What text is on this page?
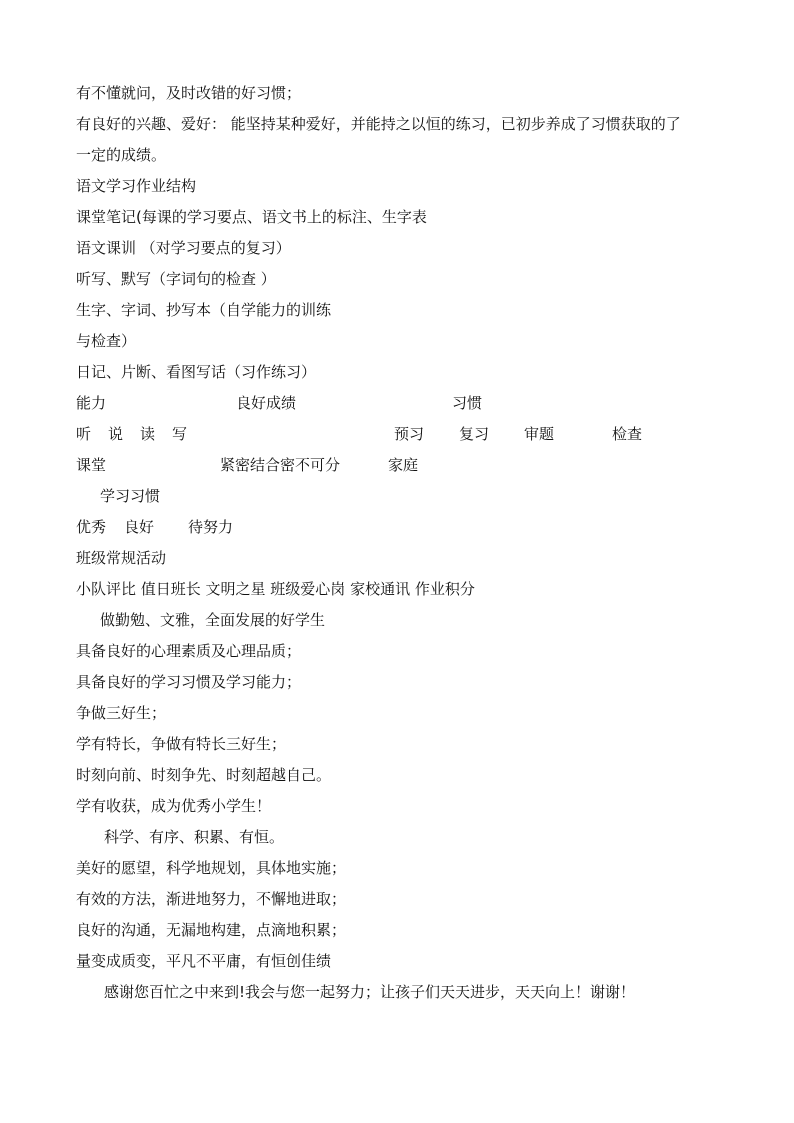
有不懂就问，及时改错的好习惯；
有良好的兴趣、爱好： 能坚持某种爱好，并能持之以恒的练习，已初步养成了习惯获取的了
一定的成绩。
语文学习作业结构
课堂笔记(每课的学习要点、语文书上的标注、生字表
语文课训 （对学习要点的复习）
听写、默写（字词句的检查 ）
生字、字词、抄写本（自学能力的训练
与检查）
日记、片断、看图写话（习作练习）
能力	良好成绩	习惯
听 说 读 写	预习 复习 审题	检查
课堂	紧密结合密不可分	家庭
学习习惯
优秀 良好 待努力
班级常规活动
小队评比 值日班长 文明之星 班级爱心岗 家校通讯 作业积分
做勤勉、文雅，全面发展的好学生
具备良好的心理素质及心理品质；
具备良好的学习习惯及学习能力；
争做三好生；
学有特长，争做有特长三好生；
时刻向前、时刻争先、时刻超越自己。
学有收获，成为优秀小学生！
科学、有序、积累、有恒。
美好的愿望，科学地规划，具体地实施；
有效的方法，渐进地努力，不懈地进取；
良好的沟通，无漏地构建，点滴地积累；
量变成质变，平凡不平庸，有恒创佳绩
感谢您百忙之中来到!我会与您一起努力；让孩子们天天进步，天天向上！谢谢！
